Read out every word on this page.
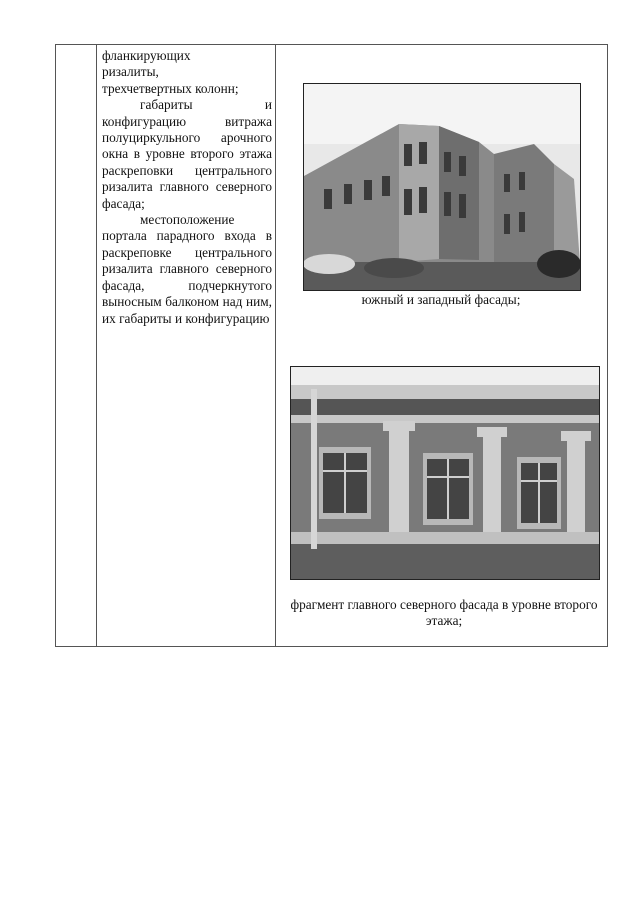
фланкирующих

ризалиты,

трехчетвертных колонн;

габариты и конфигурацию витража полуциркульного арочного окна в уровне второго этажа раскреповки центрального ризалита главного северного фасада;

местоположение портала парадного входа в раскреповке центрального ризалита главного северного фасада, подчеркнутого выносным балконом над ним, их габариты и конфигурацию

южный и западный фасады;
фрагмент главного северного фасада в уровне второго этажа;
